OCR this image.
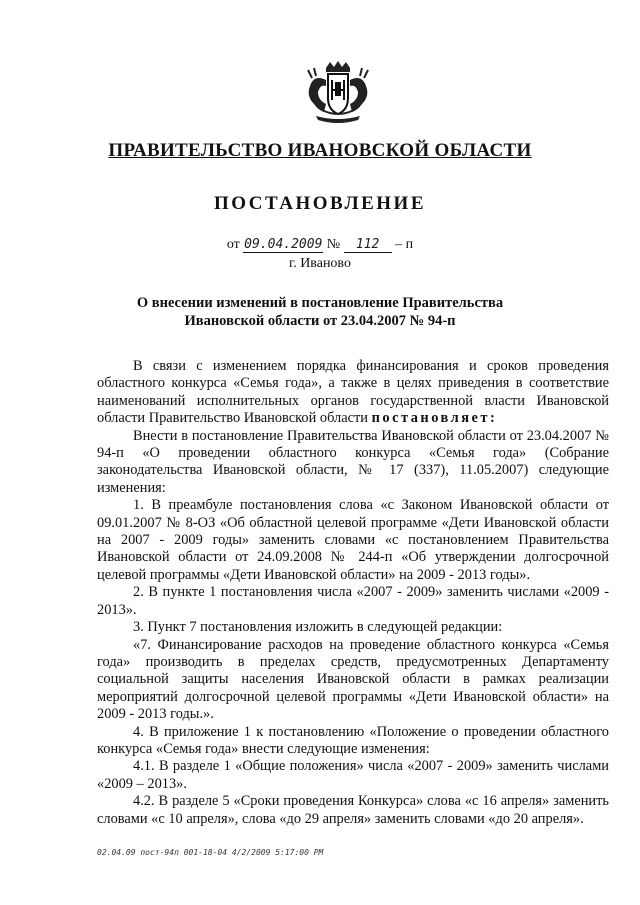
ПРАВИТЕЛЬСТВО ИВАНОВСКОЙ ОБЛАСТИ
ПОСТАНОВЛЕНИЕ
от 09.04.2009 № 112 – п
г. Иваново
О внесении изменений в постановление Правительства
Ивановской области от 23.04.2007 № 94-п

В связи с изменением порядка финансирования и сроков проведения областного конкурса «Семья года», а также в целях приведения в соответствие наименований исполнительных органов государственной власти Ивановской области Правительство Ивановской области постановляет:

Внести в постановление Правительства Ивановской области от 23.04.2007 № 94-п «О проведении областного конкурса «Семья года» (Собрание законодательства Ивановской области, № 17 (337), 11.05.2007) следующие изменения:

1. В преамбуле постановления слова «с Законом Ивановской области от 09.01.2007 № 8-ОЗ «Об областной целевой программе «Дети Ивановской области на 2007 - 2009 годы» заменить словами «с постановлением Правительства Ивановской области от 24.09.2008 № 244-п «Об утверждении долгосрочной целевой программы «Дети Ивановской области» на 2009 - 2013 годы».

2. В пункте 1 постановления числа «2007 - 2009» заменить числами «2009 - 2013».

3. Пункт 7 постановления изложить в следующей редакции:

«7. Финансирование расходов на проведение областного конкурса «Семья года» производить в пределах средств, предусмотренных Департаменту социальной защиты населения Ивановской области в рамках реализации мероприятий долгосрочной целевой программы «Дети Ивановской области» на 2009 - 2013 годы.».

4. В приложение 1 к постановлению «Положение о проведении областного конкурса «Семья года» внести следующие изменения:

4.1. В разделе 1 «Общие положения» числа «2007 - 2009» заменить числами «2009 – 2013».

4.2. В разделе 5 «Сроки проведения Конкурса» слова «с 16 апреля» заменить словами «с 10 апреля», слова «до 29 апреля» заменить словами «до 20 апреля».

02.04.09 пост-94п 001-18-04 4/2/2009 5:17:00 PM
